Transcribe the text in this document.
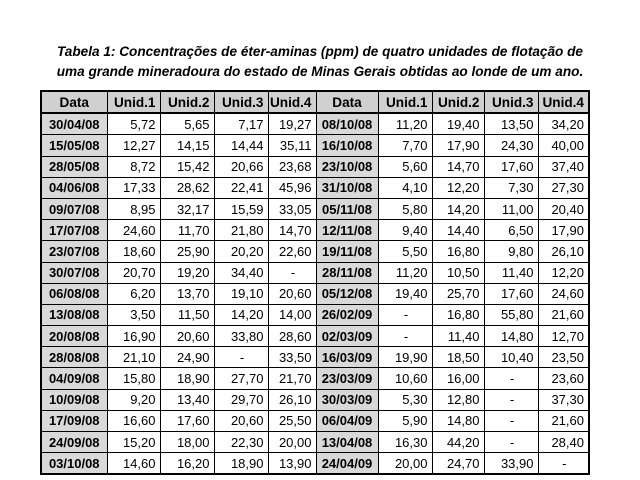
Tabela 1: Concentrações de éter-aminas (ppm) de quatro unidades de flotação de
uma grande mineradoura do estado de Minas Gerais obtidas ao londe de um ano.
Data	Unid.1	Unid.2	Unid.3	Unid.4	Data	Unid.1	Unid.2	Unid.3	Unid.4
30/04/08	5,72	5,65	7,17	19,27	08/10/08	11,20	19,40	13,50	34,20
15/05/08	12,27	14,15	14,44	35,11	16/10/08	7,70	17,90	24,30	40,00
28/05/08	8,72	15,42	20,66	23,68	23/10/08	5,60	14,70	17,60	37,40
04/06/08	17,33	28,62	22,41	45,96	31/10/08	4,10	12,20	7,30	27,30
09/07/08	8,95	32,17	15,59	33,05	05/11/08	5,80	14,20	11,00	20,40
17/07/08	24,60	11,70	21,80	14,70	12/11/08	9,40	14,40	6,50	17,90
23/07/08	18,60	25,90	20,20	22,60	19/11/08	5,50	16,80	9,80	26,10
30/07/08	20,70	19,20	34,40	-	28/11/08	11,20	10,50	11,40	12,20
06/08/08	6,20	13,70	19,10	20,60	05/12/08	19,40	25,70	17,60	24,60
13/08/08	3,50	11,50	14,20	14,00	26/02/09	-	16,80	55,80	21,60
20/08/08	16,90	20,60	33,80	28,60	02/03/09	-	11,40	14,80	12,70
28/08/08	21,10	24,90	-	33,50	16/03/09	19,90	18,50	10,40	23,50
04/09/08	15,80	18,90	27,70	21,70	23/03/09	10,60	16,00	-	23,60
10/09/08	9,20	13,40	29,70	26,10	30/03/09	5,30	12,80	-	37,30
17/09/08	16,60	17,60	20,60	25,50	06/04/09	5,90	14,80	-	21,60
24/09/08	15,20	18,00	22,30	20,00	13/04/08	16,30	44,20	-	28,40
03/10/08	14,60	16,20	18,90	13,90	24/04/09	20,00	24,70	33,90	-
